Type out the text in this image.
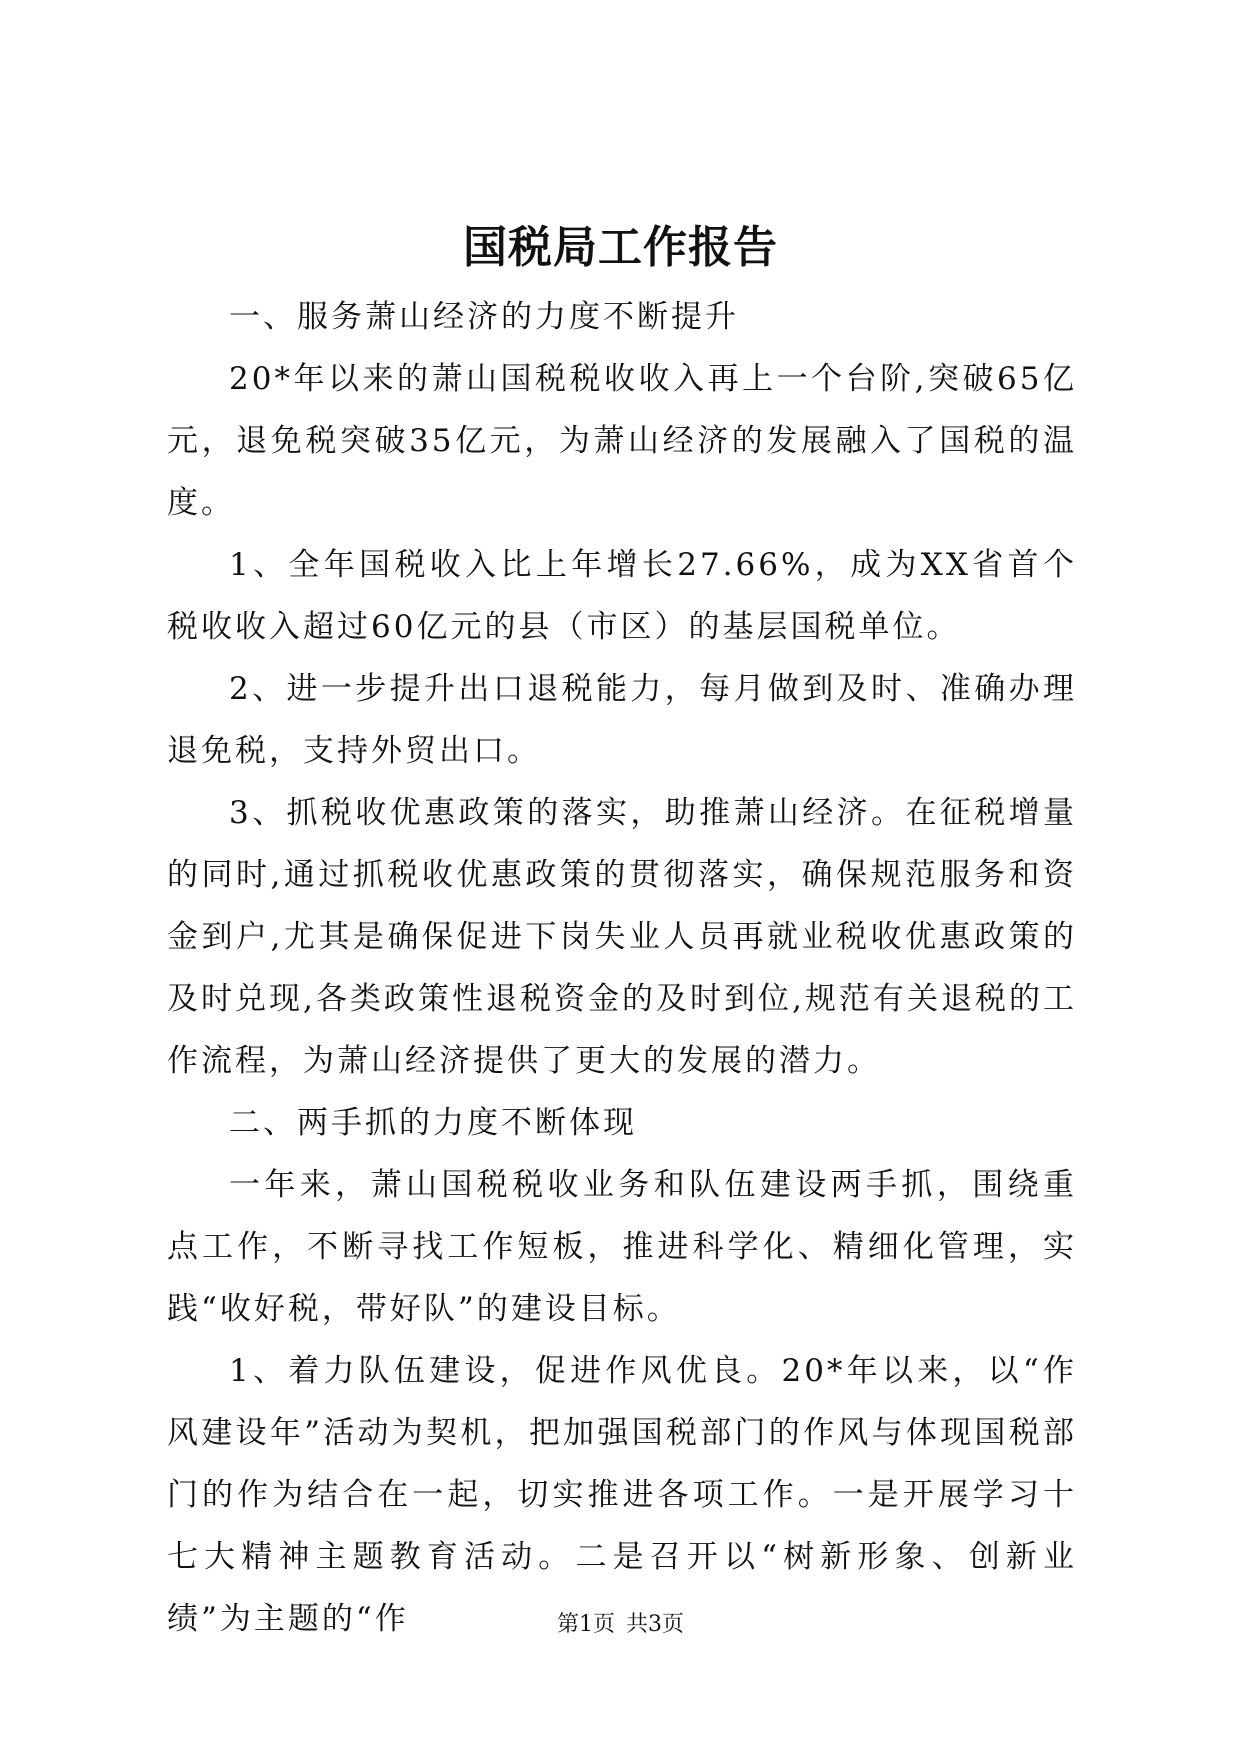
国税局工作报告

一、服务萧山经济的力度不断提升

20*年以来的萧山国税税收收入再上一个台阶,突破65亿元，退免税突破35亿元，为萧山经济的发展融入了国税的温度。

1、全年国税收入比上年增长27.66%，成为XX省首个税收收入超过60亿元的县（市区）的基层国税单位。

2、进一步提升出口退税能力，每月做到及时、准确办理退免税，支持外贸出口。

3、抓税收优惠政策的落实，助推萧山经济。在征税增量的同时,通过抓税收优惠政策的贯彻落实，确保规范服务和资金到户,尤其是确保促进下岗失业人员再就业税收优惠政策的及时兑现,各类政策性退税资金的及时到位,规范有关退税的工作流程，为萧山经济提供了更大的发展的潜力。

二、两手抓的力度不断体现

一年来，萧山国税税收业务和队伍建设两手抓，围绕重点工作，不断寻找工作短板，推进科学化、精细化管理，实践“收好税，带好队”的建设目标。

1、着力队伍建设，促进作风优良。20*年以来，以“作风建设年”活动为契机，把加强国税部门的作风与体现国税部门的作为结合在一起，切实推进各项工作。一是开展学习十七大精神主题教育活动。二是召开以“树新形象、创新业绩”为主题的“作	第1页 共3页
